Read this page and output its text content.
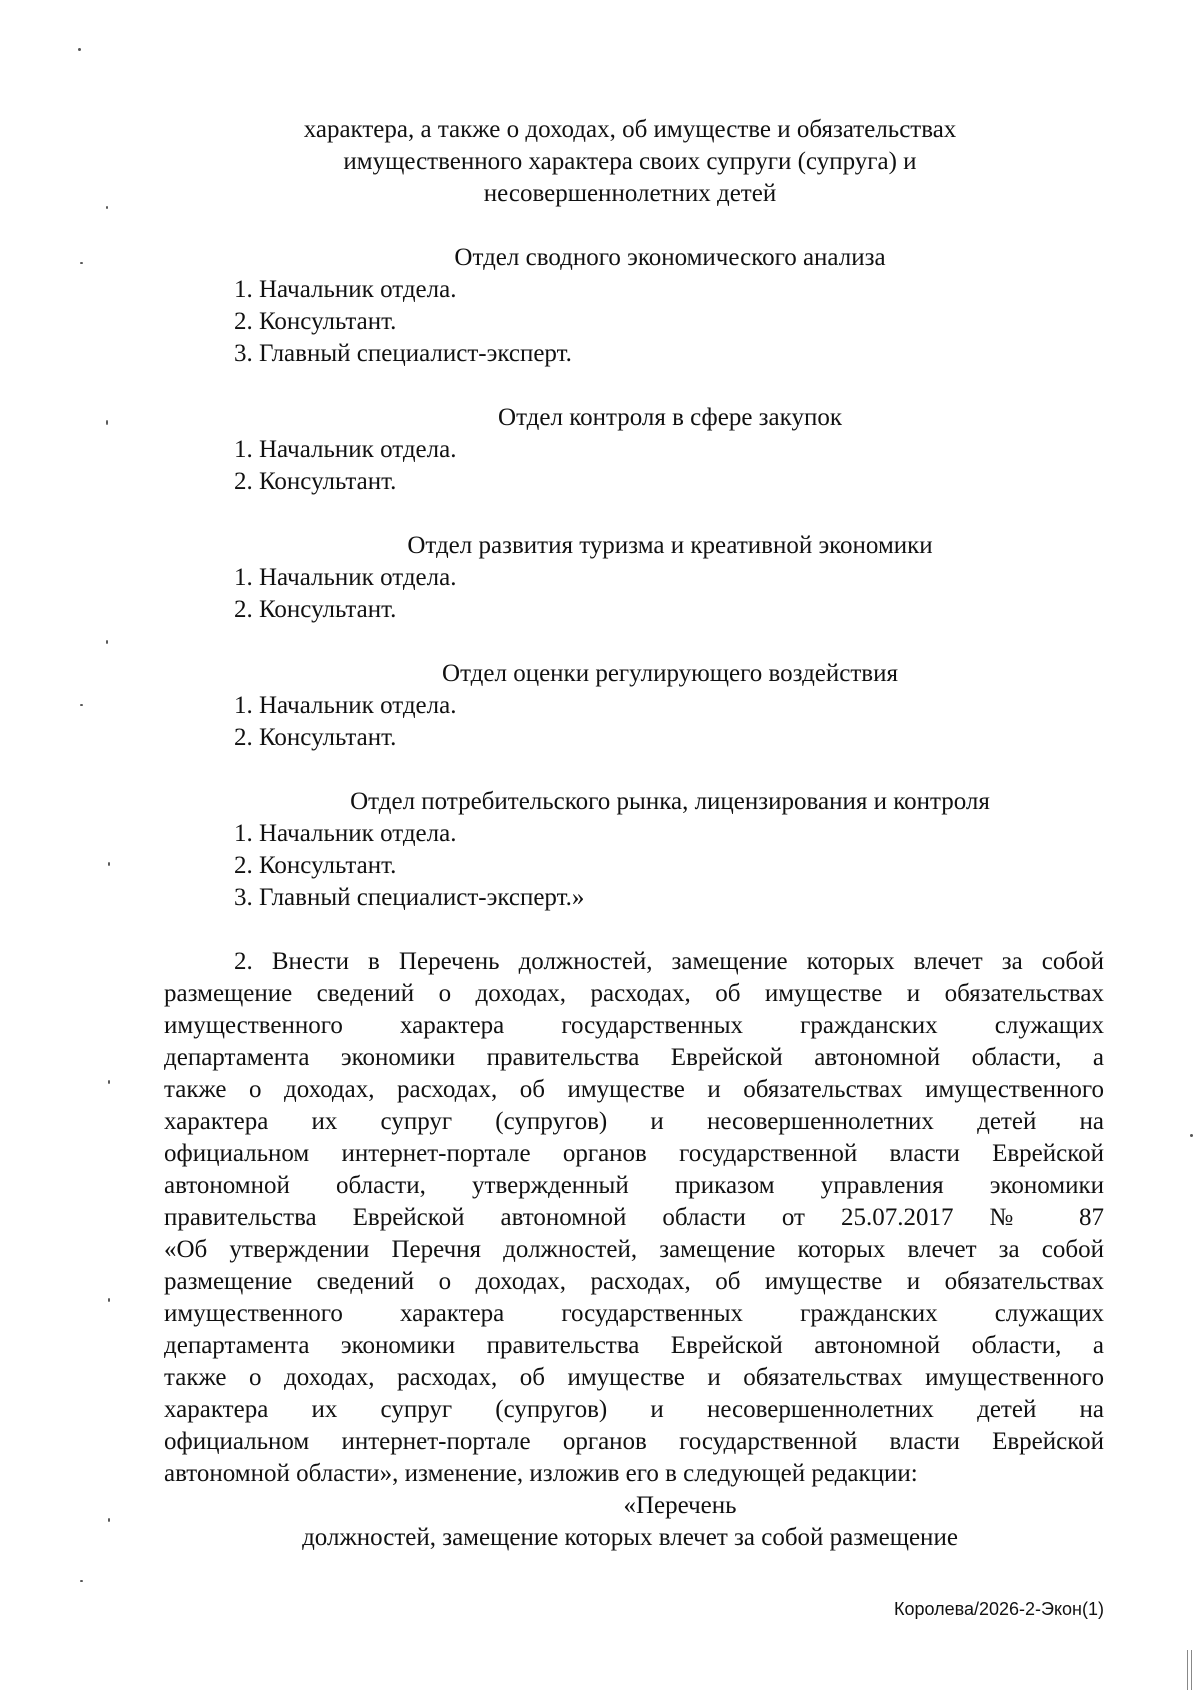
характера, а также о доходах, об имуществе и обязательствах
имущественного характера своих супруги (супруга) и
несовершеннолетних детей
Отдел сводного экономического анализа
1. Начальник отдела.
2. Консультант.
3. Главный специалист-эксперт.
Отдел контроля в сфере закупок
1. Начальник отдела.
2. Консультант.
Отдел развития туризма и креативной экономики
1. Начальник отдела.
2. Консультант.
Отдел оценки регулирующего воздействия
1. Начальник отдела.
2. Консультант.
Отдел потребительского рынка, лицензирования и контроля
1. Начальник отдела.
2. Консультант.
3. Главный специалист-эксперт.»
2. Внести в Перечень должностей, замещение которых влечет за собой
размещение сведений о доходах, расходах, об имуществе и обязательствах
имущественного характера государственных гражданских служащих
департамента экономики правительства Еврейской автономной области, а
также о доходах, расходах, об имуществе и обязательствах имущественного
характера их супруг (супругов) и несовершеннолетних детей на
официальном интернет-портале органов государственной власти Еврейской
автономной области, утвержденный приказом управления экономики
правительства Еврейской автономной области от 25.07.2017 № 87
«Об утверждении Перечня должностей, замещение которых влечет за собой
размещение сведений о доходах, расходах, об имуществе и обязательствах
имущественного характера государственных гражданских служащих
департамента экономики правительства Еврейской автономной области, а
также о доходах, расходах, об имуществе и обязательствах имущественного
характера их супруг (супругов) и несовершеннолетних детей на
официальном интернет-портале органов государственной власти Еврейской
автономной области», изменение, изложив его в следующей редакции:
«Перечень
должностей, замещение которых влечет за собой размещение
Королева/2026-2-Экон(1)
